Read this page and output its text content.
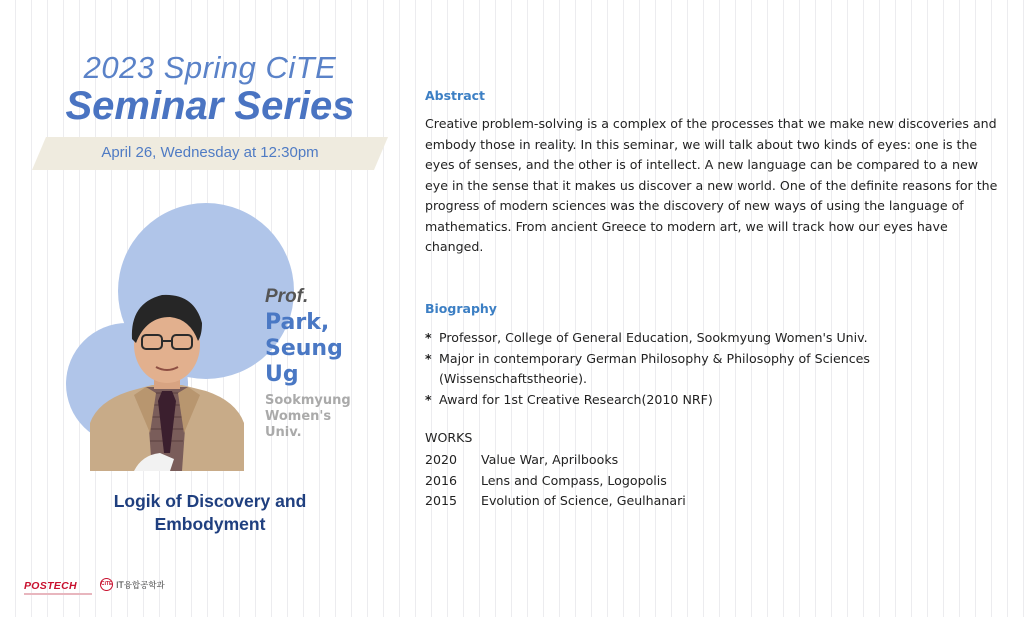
2023 Spring CiTE
Seminar Series
April 26, Wednesday at 12:30pm
Prof.
Park, Seung Ug
Sookmyung Women's Univ.
Logik of Discovery and Embodyment
POSTECH	CiTE IT융합공학과
Abstract

Creative problem-solving is a complex of the processes that we make new discoveries and embody those in reality. In this seminar, we will talk about two kinds of eyes: one is the eyes of senses, and the other is of intellect. A new language can be compared to a new eye in the sense that it makes us discover a new world. One of the definite reasons for the progress of modern sciences was the discovery of new ways of using the language of mathematics. From ancient Greece to modern art, we will track how our eyes have changed.

Biography
* Professor, College of General Education, Sookmyung Women's Univ.
* Major in contemporary German Philosophy & Philosophy of Sciences (Wissenschaftstheorie).
* Award for 1st Creative Research(2010 NRF)
WORKS
2020 Value War, Aprilbooks
2016 Lens and Compass, Logopolis
2015 Evolution of Science, Geulhanari
